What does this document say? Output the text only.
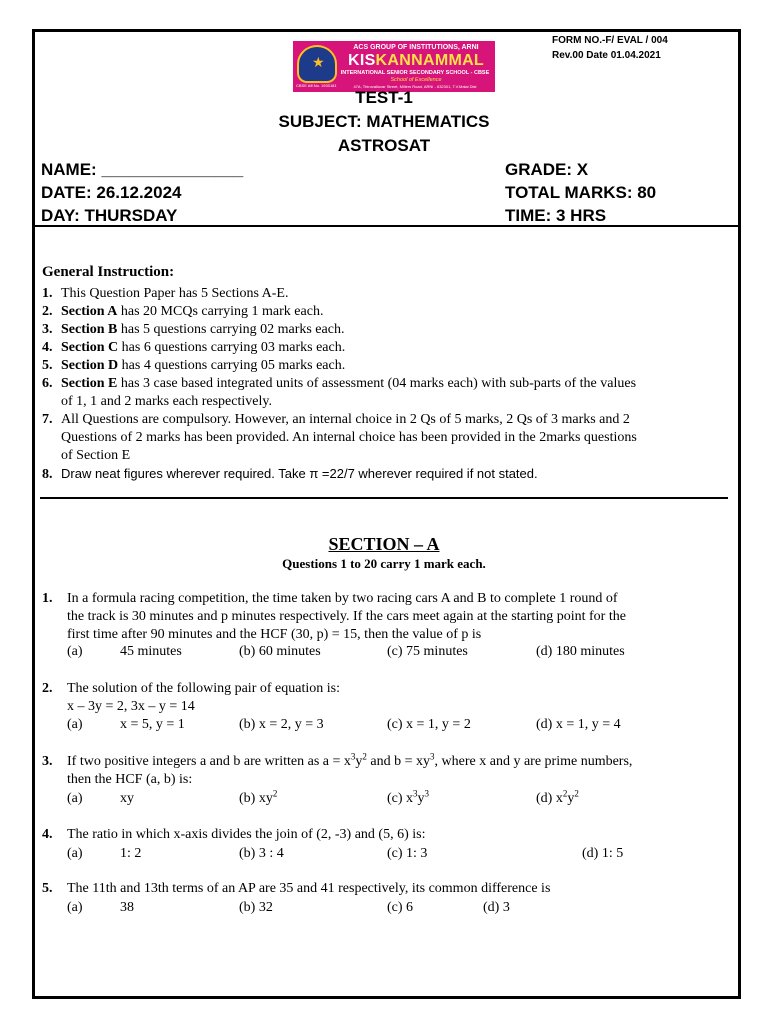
FORM NO.-F/ EVAL / 004
Rev.00 Date 01.04.2021
★
CBSE Aff.No. 1930181
ACS GROUP OF INSTITUTIONS, ARNI
KISKANNAMMAL
INTERNATIONAL SENIOR SECONDARY SCHOOL - CBSE
School of Excellence
47A, Thiruvalluvar Street, Millers Road, ARNI - 632301, T.V.Malai Dist
TEST-1
SUBJECT: MATHEMATICS
ASTROSAT
NAME: _______________
DATE: 26.12.2024
DAY: THURSDAY
GRADE: X
TOTAL MARKS: 80
TIME: 3 HRS
General Instruction:
1. This Question Paper has 5 Sections A-E.
2. Section A has 20 MCQs carrying 1 mark each.
3. Section B has 5 questions carrying 02 marks each.
4. Section C has 6 questions carrying 03 marks each.
5. Section D has 4 questions carrying 05 marks each.
6. Section E has 3 case based integrated units of assessment (04 marks each) with sub-parts of the values
of 1, 1 and 2 marks each respectively.
7. All Questions are compulsory. However, an internal choice in 2 Qs of 5 marks, 2 Qs of 3 marks and 2
Questions of 2 marks has been provided. An internal choice has been provided in the 2marks questions
of Section E
8. Draw neat figures wherever required. Take π =22/7 wherever required if not stated.
SECTION – A
Questions 1 to 20 carry 1 mark each.
1.	In a formula racing competition, the time taken by two racing cars A and B to complete 1 round of
the track is 30 minutes and p minutes respectively. If the cars meet again at the starting point for the
first time after 90 minutes and the HCF (30, p) = 15, then the value of p is
(a)	45 minutes	(b) 60 minutes	(c) 75 minutes	(d) 180 minutes
2.	The solution of the following pair of equation is:
x – 3y = 2, 3x – y = 14
(a)	x = 5, y = 1	(b) x = 2, y = 3	(c) x = 1, y = 2	(d) x = 1, y = 4
3.	If two positive integers a and b are written as $a = x^3y^2$ and $b = xy^3$, where x and y are prime numbers,
then the HCF (a, b) is:
(a)	xy	(b) $xy^2$	(c) $x^3y^3$	(d) $x^2y^2$
4.	The ratio in which x-axis divides the join of (2, -3) and (5, 6) is:
(a)	1: 2	(b) 3 : 4	(c) 1: 3	(d) 1: 5
5.	The 11th and 13th terms of an AP are 35 and 41 respectively, its common difference is
(a)	38	(b) 32	(c) 6	(d) 3
